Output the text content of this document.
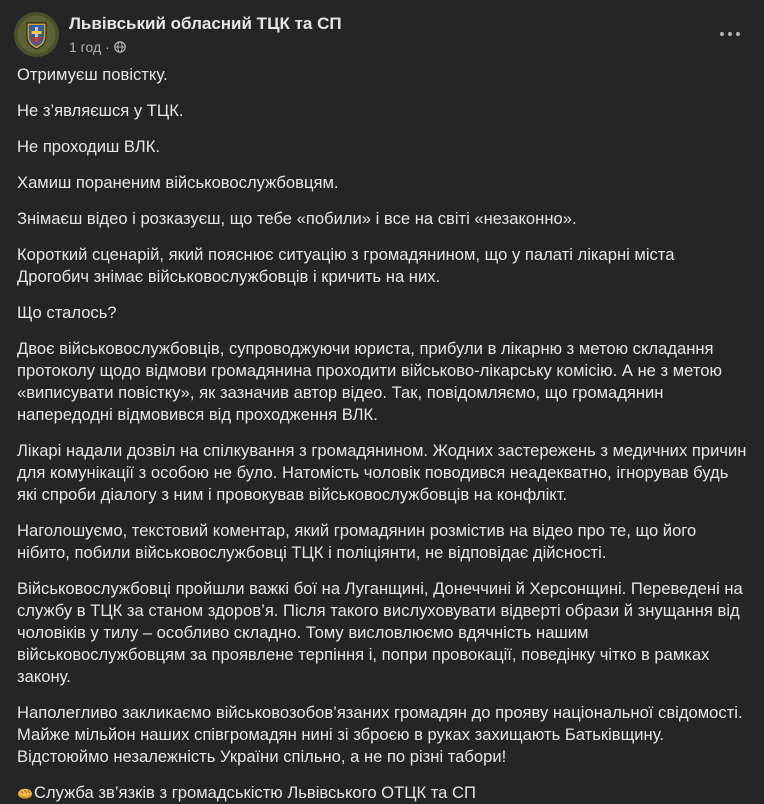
Львівський обласний ТЦК та СП
1 год ·

Отримуєш повістку.

Не з’являєшся у ТЦК.

Не проходиш ВЛК.

Хамиш пораненим військовослужбовцям.

Знімаєш відео і розказуєш, що тебе «побили» і все на світі «незаконно».

Короткий сценарій, який пояснює ситуацію з громадянином, що у палаті лікарні міста Дрогобич знімає військовослужбовців і кричить на них.

Що сталось?

Двоє військовослужбовців, супроводжуючи юриста, прибули в лікарню з метою складання протоколу щодо відмови громадянина проходити військово-лікарську комісію. А не з метою «виписувати повістку», як зазначив автор відео. Так, повідомляємо, що громадянин напередодні відмовився від проходження ВЛК.

Лікарі надали дозвіл на спілкування з громадянином. Жодних застережень з медичних причин для комунікації з особою не було. Натомість чоловік поводився неадекватно, ігнорував будь які спроби діалогу з ним і провокував військовослужбовців на конфлікт.

Наголошуємо, текстовий коментар, який громадянин розмістив на відео про те, що його нібито, побили військовослужбовці ТЦК і поліціянти, не відповідає дійсності.

Військовослужбовці пройшли важкі бої на Луганщині, Донеччині й Херсонщині. Переведені на службу в ТЦК за станом здоров’я. Після такого вислуховувати відверті образи й знущання від чоловіків у тилу – особливо складно. Тому висловлюємо вдячність нашим військовослужбовцям за проявлене терпіння і, попри провокації, поведінку чітко в рамках закону.

Наполегливо закликаємо військовозобов’язаних громадян до прояву національної свідомості. Майже мільйон наших співгромадян нині зі зброєю в руках захищають Батьківщину. Відстоюймо незалежність України спільно, а не по різні табори!

Служба зв’язків з громадськістю Львівського ОТЦК та СП
